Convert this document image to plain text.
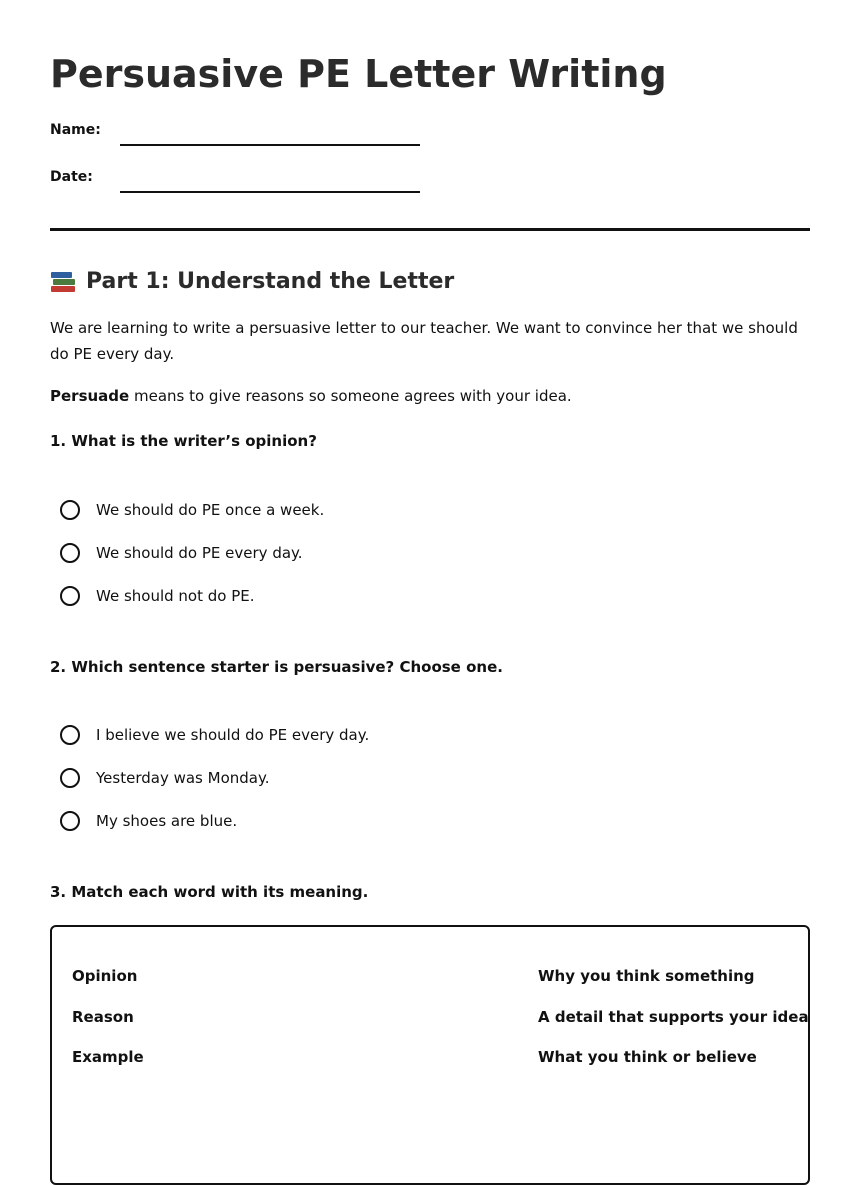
Persuasive PE Letter Writing
Name:
Date:
Part 1: Understand the Letter

We are learning to write a persuasive letter to our teacher. We want to convince her that we should do PE every day.

Persuade means to give reasons so someone agrees with your idea.

1. What is the writer’s opinion?

We should do PE once a week.
We should do PE every day.
We should not do PE.

2. Which sentence starter is persuasive? Choose one.

I believe we should do PE every day.
Yesterday was Monday.
My shoes are blue.

3. Match each word with its meaning.

Opinion
Reason
Example
Why you think something
A detail that supports your idea
What you think or believe
